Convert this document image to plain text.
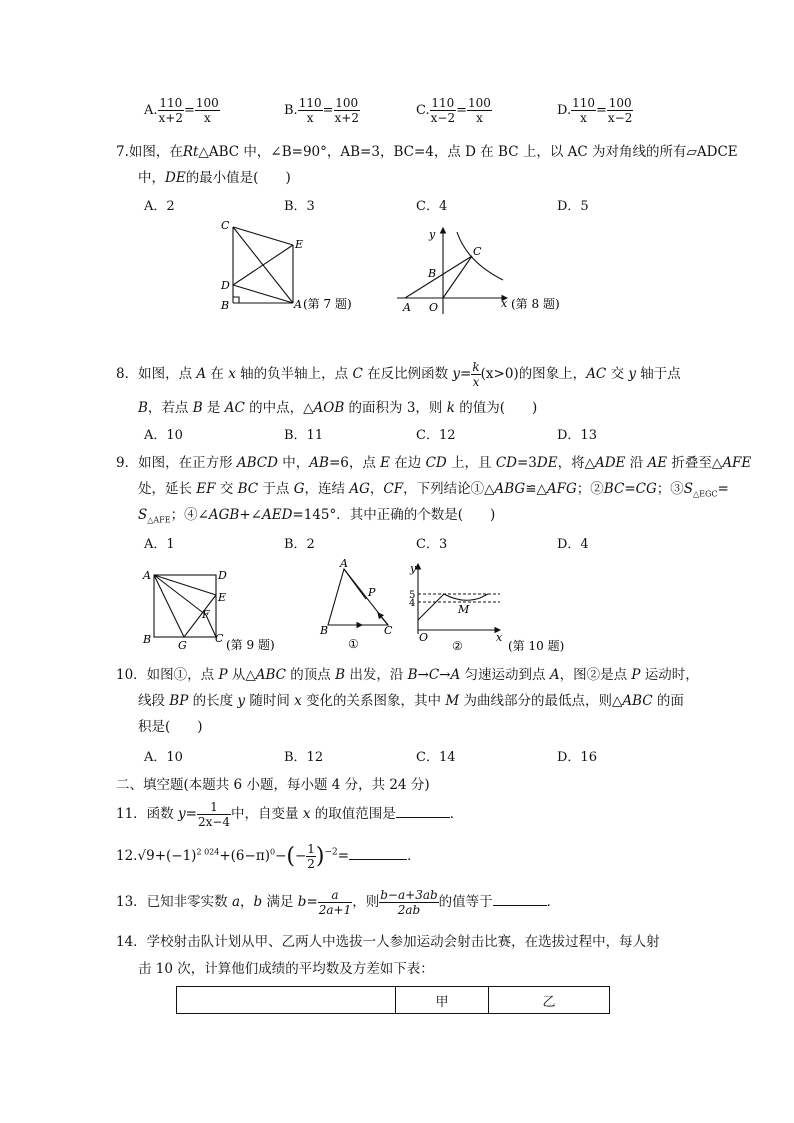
A. $\frac{110}{x+2} = \frac{100}{x}$	B. $\frac{110}{x} = \frac{100}{x+2}$	C. $\frac{110}{x-2} = \frac{100}{x}$	D. $\frac{110}{x} = \frac{100}{x-2}$
7.如图，在Rt△ABC 中，∠B=90°，AB=3，BC=4，点 D 在 BC 上，以 AC 为对角线的所有▱ADCE
中，DE的最小值是(　　)
A．2	B．3	C．4	D．5
C
E
D
B	A (第 7 题)
y
C
B
A O	x (第 8 题)
8．如图，点 A 在 x 轴的负半轴上，点 C 在反比例函数 $y= \frac{k}{x} (x>0)$的图象上，AC 交 y 轴于点
B，若点 B 是 AC 的中点，△AOB 的面积为 3，则 k 的值为(　　)
A．10	B．11	C．12	D．13
9．如图，在正方形 ABCD 中，AB=6，点 E 在边 CD 上，且 CD=3DE，将△ADE 沿 AE 折叠至△AFE
处，延长 EF 交 BC 于点 G，连结 AG，CF，下列结论①△ABG≌△AFG；②BC=CG；$③S_{\triangle EGC}=$
$S_{\triangle AFE}$；④∠AGB+∠AED=145°．其中正确的个数是(　　)
A．1	B．2	C．3	D．4
A	D
E
F
B G
C (第 9 题)
A
P
B	C
①
y
5
4	M
O	x
②	(第 10 题)
10．如图①，点 P 从△ABC 的顶点 B 出发，沿 B→C→A 匀速运动到点 A，图②是点 P 运动时，
线段 BP 的长度 y 随时间 x 变化的关系图象，其中 M 为曲线部分的最低点，则△ABC 的面
积是(　　)
A．10	B．12	C．14	D．16
二、填空题(本题共 6 小题，每小题 4 分，共 24 分)
11．函数 $y= \frac{1}{2x-4}$ 中，自变量 x 的取值范围是	．
$12.√9+(-1)^{2 024}+(6-\pi)^0-(- \frac{1}{2} )^{-2}=$	．
13．已知非零实数 a，b 满足 $b= \frac{a}{2a+1}$ ，则 $\frac{b-a+3ab}{2ab}$ 的值等于	．
14．学校射击队计划从甲、乙两人中选拔一人参加运动会射击比赛，在选拔过程中，每人射
击 10 次，计算他们成绩的平均数及方差如下表：
	甲	乙
